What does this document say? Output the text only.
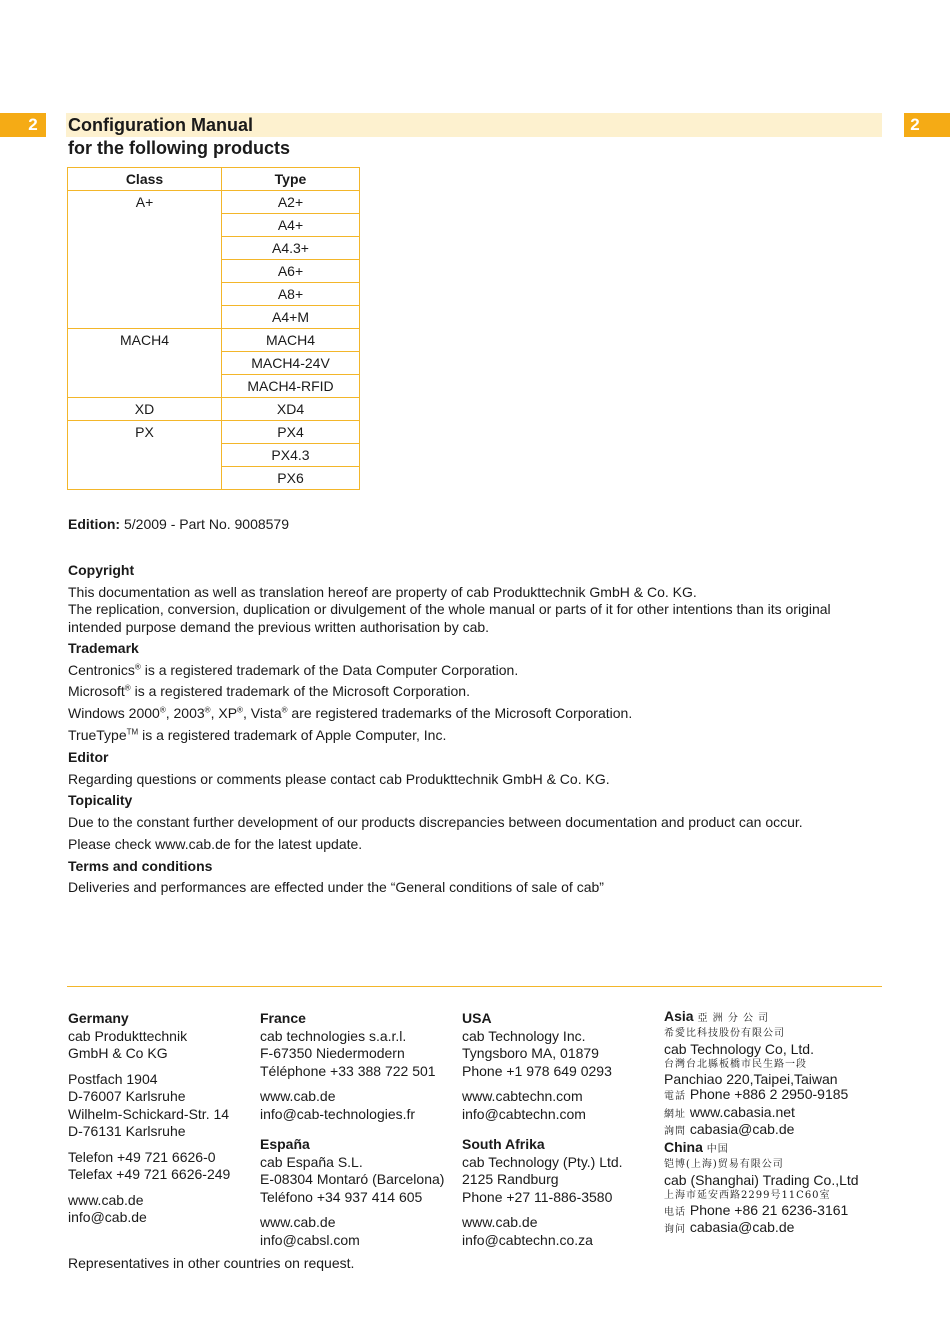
2	2
Configuration Manual
for the following products
Class	Type
A+	A2+
	A4+
	A4.3+
	A6+
	A8+
	A4+M
MACH4	MACH4
	MACH4-24V
	MACH4-RFID
XD	XD4
PX	PX4
	PX4.3
	PX6

Edition: 5/2009 - Part No. 9008579

Copyright

This documentation as well as translation hereof are property of cab Produkttechnik GmbH & Co. KG.

The replication, conversion, duplication or divulgement of the whole manual or parts of it for other intentions than its original

intended purpose demand the previous written authorisation by cab.

Trademark

Centronics® is a registered trademark of the Data Computer Corporation.

Microsoft® is a registered trademark of the Microsoft Corporation.

Windows 2000®, 2003®, XP®, Vista® are registered trademarks of the Microsoft Corporation.

TrueType™ is a registered trademark of Apple Computer, Inc.

Editor

Regarding questions or comments please contact cab Produkttechnik GmbH & Co. KG.

Topicality

Due to the constant further development of our products discrepancies between documentation and product can occur.

Please check www.cab.de for the latest update.

Terms and conditions

Deliveries and performances are effected under the “General conditions of sale of cab”

Germany

cab Produkttechnik

GmbH & Co KG

Postfach 1904

D-76007 Karlsruhe

Wilhelm-Schickard-Str. 14

D-76131 Karlsruhe

Telefon +49 721 6626-0

Telefax +49 721 6626-249

www.cab.de

info@cab.de

France

cab technologies s.a.r.l.

F-67350 Niedermodern

Téléphone +33 388 722 501

www.cab.de

info@cab-technologies.fr

España

cab España S.L.

E-08304 Montaró (Barcelona)

Teléfono +34 937 414 605

www.cab.de

info@cabsl.com

USA

cab Technology Inc.

Tyngsboro MA, 01879

Phone +1 978 649 0293

www.cabtechn.com

info@cabtechn.com

South Afrika

cab Technology (Pty.) Ltd.

2125 Randburg

Phone +27 11-886-3580

www.cab.de

info@cabtechn.co.za

Asia 亞 洲 分 公 司

希愛比科技股份有限公司

cab Technology Co, Ltd.

台灣台北縣板橋市民生路一段

Panchiao 220,Taipei,Taiwan

電話 Phone +886 2 2950-9185

網址 www.cabasia.net

詢問 cabasia@cab.de

China 中国

铠博(上海)贸易有限公司

cab (Shanghai) Trading Co.,Ltd

上海市延安西路2299号11C60室

电话 Phone +86 21 6236-3161

询问 cabasia@cab.de

Representatives in other countries on request.
